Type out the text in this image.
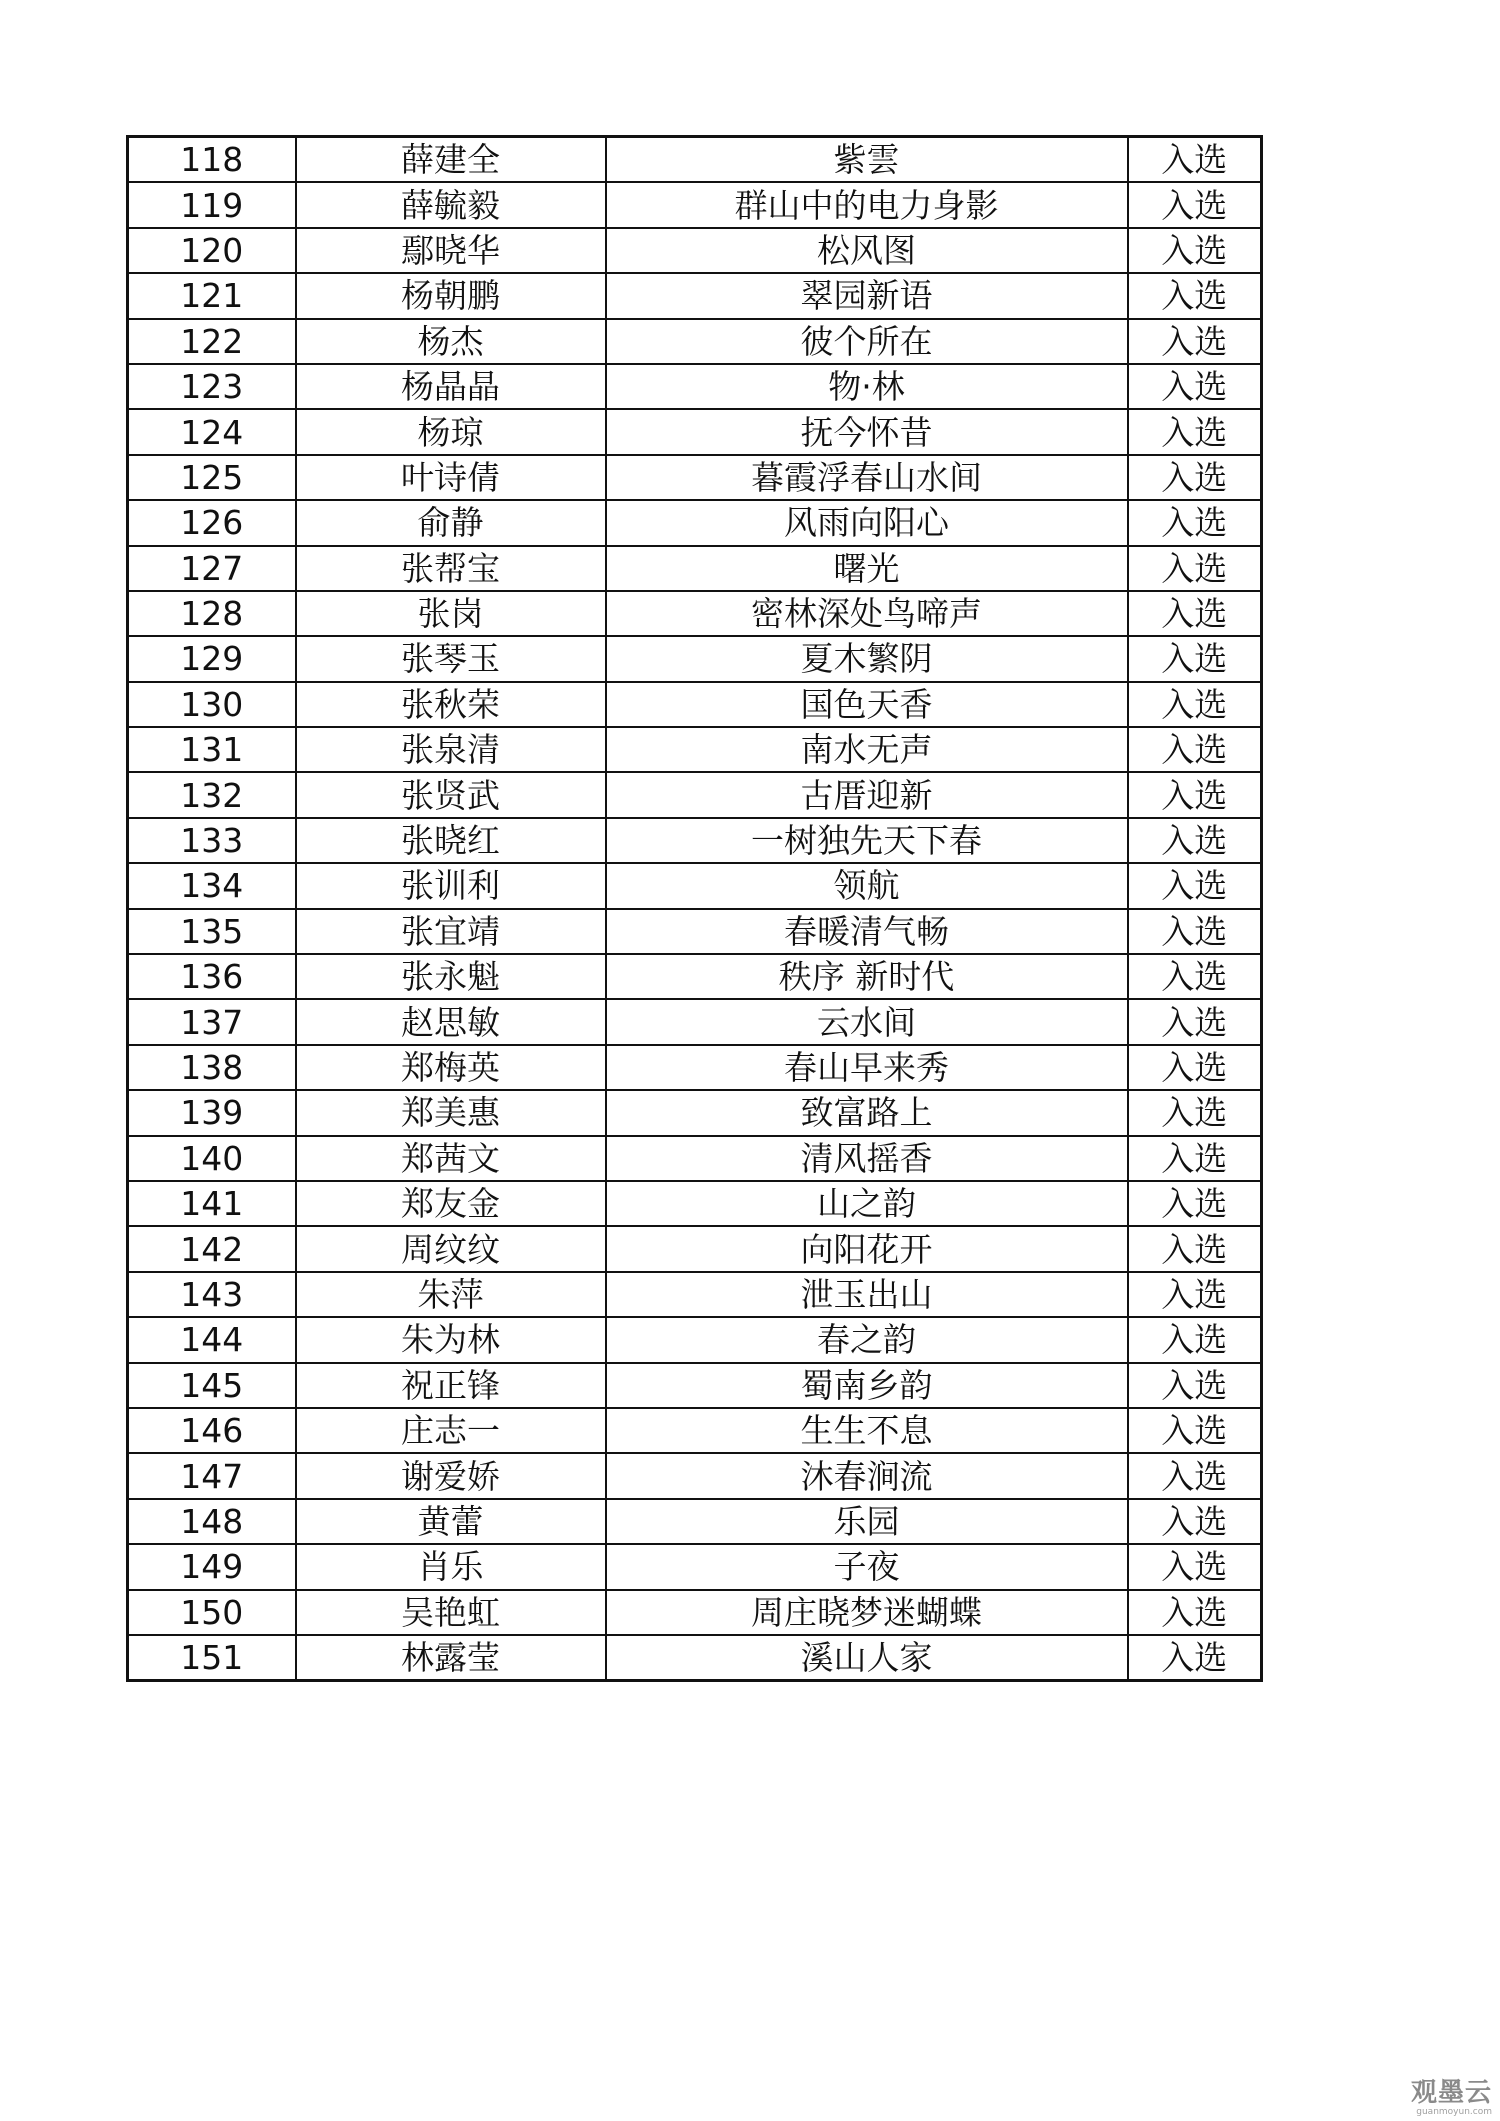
118	薛建全	紫雲	入选
119	薛毓毅	群山中的电力身影	入选
120	鄢晓华	松风图	入选
121	杨朝鹏	翠园新语	入选
122	杨杰	彼个所在	入选
123	杨晶晶	物·林	入选
124	杨琼	抚今怀昔	入选
125	叶诗倩	暮霞浮春山水间	入选
126	俞静	风雨向阳心	入选
127	张帮宝	曙光	入选
128	张岗	密林深处鸟啼声	入选
129	张琴玉	夏木繁阴	入选
130	张秋荣	国色天香	入选
131	张泉清	南水无声	入选
132	张贤武	古厝迎新	入选
133	张晓红	一树独先天下春	入选
134	张训利	领航	入选
135	张宜靖	春暖清气畅	入选
136	张永魁	秩序 新时代	入选
137	赵思敏	云水间	入选
138	郑梅英	春山早来秀	入选
139	郑美惠	致富路上	入选
140	郑茜文	清风摇香	入选
141	郑友金	山之韵	入选
142	周纹纹	向阳花开	入选
143	朱萍	泄玉出山	入选
144	朱为林	春之韵	入选
145	祝正锋	蜀南乡韵	入选
146	庄志一	生生不息	入选
147	谢爱娇	沐春涧流	入选
148	黄蕾	乐园	入选
149	肖乐	子夜	入选
150	吴艳虹	周庄晓梦迷蝴蝶	入选
151	林露莹	溪山人家	入选
观墨云
guanmoyun.com
